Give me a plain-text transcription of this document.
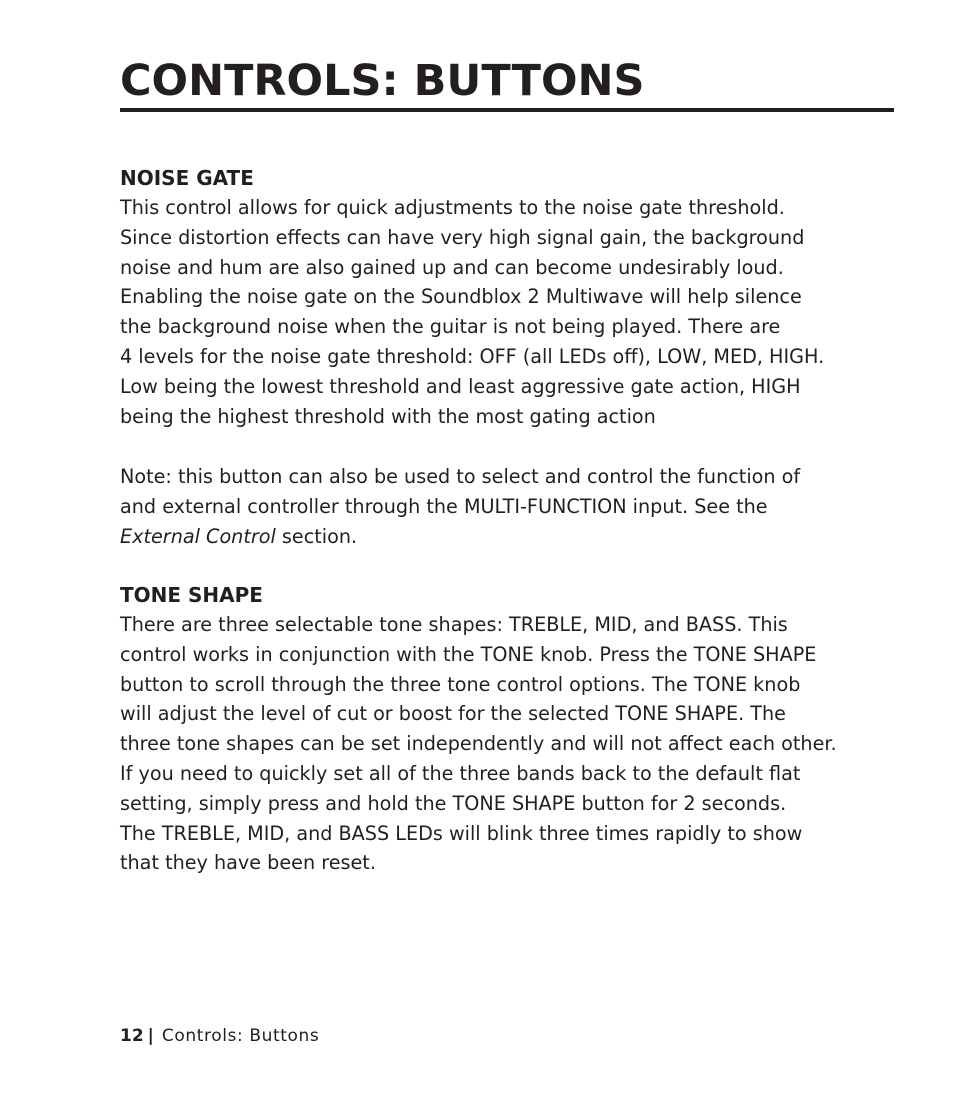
CONTROLS: BUTTONS
NOISE GATE
This control allows for quick adjustments to the noise gate threshold.
Since distortion effects can have very high signal gain, the background
noise and hum are also gained up and can become undesirably loud.
Enabling the noise gate on the Soundblox 2 Multiwave will help silence
the background noise when the guitar is not being played. There are
4 levels for the noise gate threshold: OFF (all LEDs off), LOW, MED, HIGH.
Low being the lowest threshold and least aggressive gate action, HIGH
being the highest threshold with the most gating action
Note: this button can also be used to select and control the function of
and external controller through the MULTI-FUNCTION input. See the
External Control section.
TONE SHAPE
There are three selectable tone shapes: TREBLE, MID, and BASS. This
control works in conjunction with the TONE knob. Press the TONE SHAPE
button to scroll through the three tone control options. The TONE knob
will adjust the level of cut or boost for the selected TONE SHAPE. The
three tone shapes can be set independently and will not affect each other.
If you need to quickly set all of the three bands back to the default flat
setting, simply press and hold the TONE SHAPE button for 2 seconds.
The TREBLE, MID, and BASS LEDs will blink three times rapidly to show
that they have been reset.
12 | Controls: Buttons
